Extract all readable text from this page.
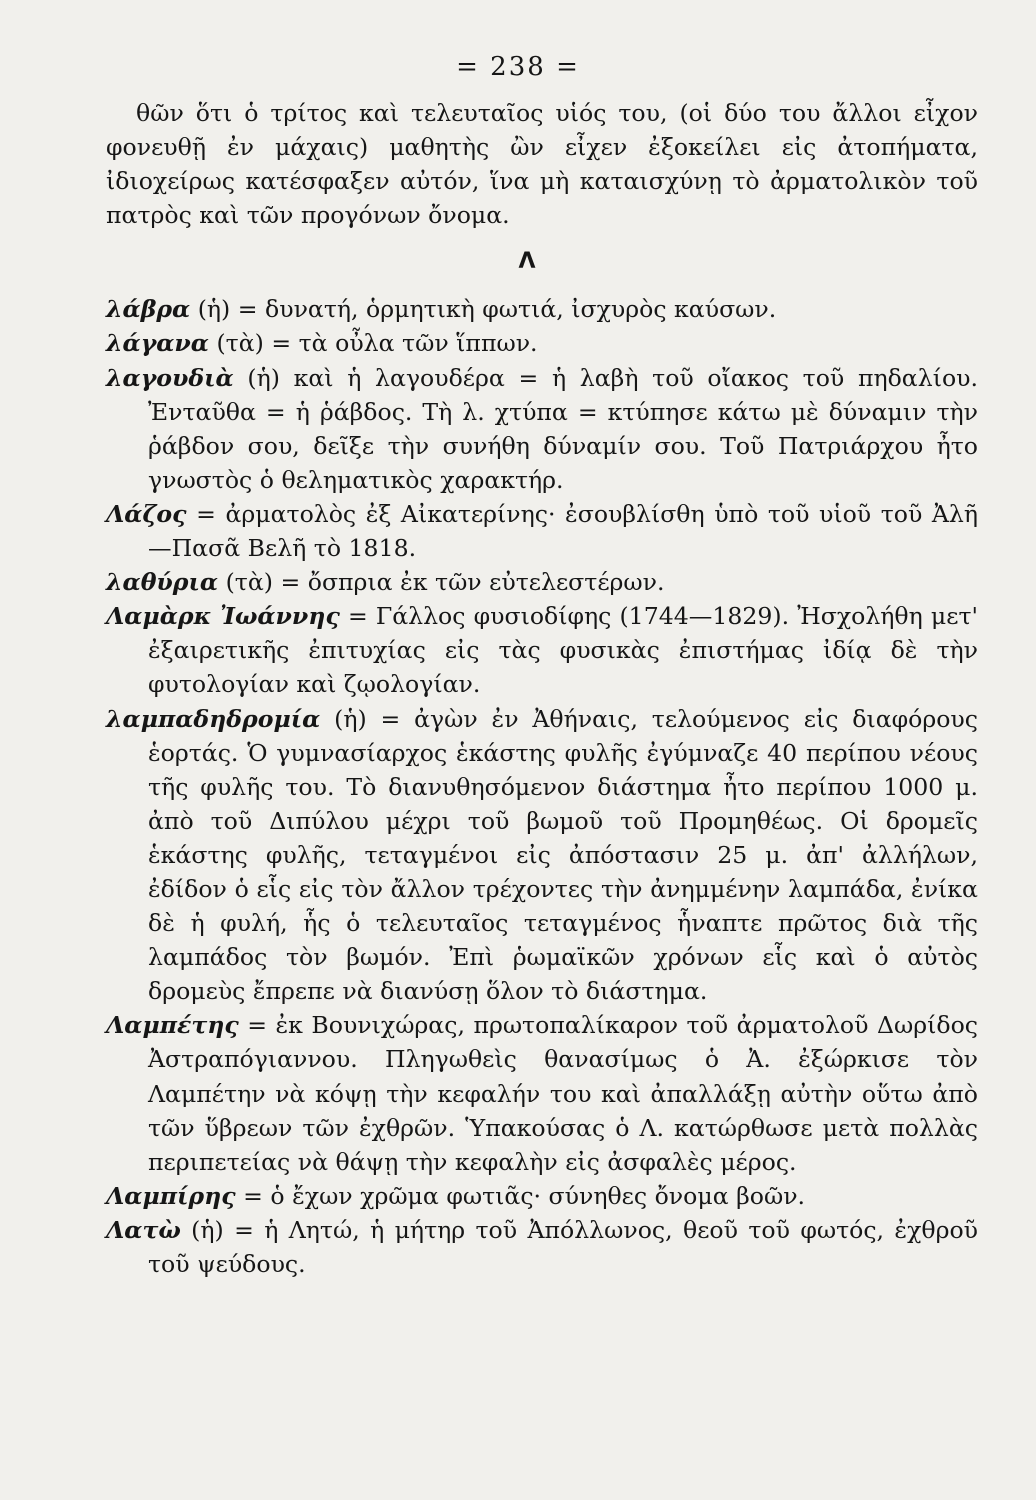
= 238 =

θῶν ὅτι ὁ τρίτος καὶ τελευταῖος υἱός του, (οἱ δύο του ἄλλοι εἶχον φονευθῇ ἐν μάχαις) μαθητὴς ὢν εἶχεν ἐξοκείλει εἰς ἀτοπήματα, ἰδιοχείρως κατέσφαξεν αὐτόν, ἵνα μὴ καταισχύνῃ τὸ ἀρματολικὸν τοῦ πατρὸς καὶ τῶν προγόνων ὄνομα.

Λ

λάβρα (ἡ) = δυνατή, ὁρμητικὴ φωτιά, ἰσχυρὸς καύσων.

λάγανα (τὰ) = τὰ οὖλα τῶν ἵππων.

λαγουδιὰ (ἡ) καὶ ἡ λαγουδέρα = ἡ λαβὴ τοῦ οἴακος τοῦ πηδαλίου. Ἐνταῦθα = ἡ ῥάβδος. Τὴ λ. χτύπα = κτύπησε κάτω μὲ δύναμιν τὴν ῥάβδον σου, δεῖξε τὴν συνήθη δύναμίν σου. Τοῦ Πατριάρχου ἦτο γνωστὸς ὁ θεληματικὸς χαρακτήρ.

Λάζος = ἀρματολὸς ἐξ Αἰκατερίνης· ἐσουβλίσθη ὑπὸ τοῦ υἱοῦ τοῦ Ἀλῆ—Πασᾶ Βελῆ τὸ 1818.

λαθύρια (τὰ) = ὄσπρια ἐκ τῶν εὐτελεστέρων.

Λαμὰρκ Ἰωάννης = Γάλλος φυσιοδίφης (1744—1829). Ἠσχολήθη μετ' ἐξαιρετικῆς ἐπιτυχίας εἰς τὰς φυσικὰς ἐπιστήμας ἰδίᾳ δὲ τὴν φυτολογίαν καὶ ζῳολογίαν.

λαμπαδηδρομία (ἡ) = ἀγὼν ἐν Ἀθήναις, τελούμενος εἰς διαφόρους ἑορτάς. Ὁ γυμνασίαρχος ἑκάστης φυλῆς ἐγύμναζε 40 περίπου νέους τῆς φυλῆς του. Τὸ διανυθησόμενον διάστημα ἦτο περίπου 1000 μ. ἀπὸ τοῦ Διπύλου μέχρι τοῦ βωμοῦ τοῦ Προμηθέως. Οἱ δρομεῖς ἑκάστης φυλῆς, τεταγμένοι εἰς ἀπόστασιν 25 μ. ἀπ' ἀλλήλων, ἐδίδον ὁ εἷς εἰς τὸν ἄλλον τρέχοντες τὴν ἀνημμένην λαμπάδα, ἐνίκα δὲ ἡ φυλή, ἧς ὁ τελευταῖος τεταγμένος ἧναπτε πρῶτος διὰ τῆς λαμπάδος τὸν βωμόν. Ἐπὶ ῥωμαϊκῶν χρόνων εἷς καὶ ὁ αὐτὸς δρομεὺς ἔπρεπε νὰ διανύσῃ ὅλον τὸ διάστημα.

Λαμπέτης = ἐκ Βουνιχώρας, πρωτοπαλίκαρον τοῦ ἀρματολοῦ Δωρίδος Ἀστραπόγιαννου. Πληγωθεὶς θανασίμως ὁ Ἀ. ἐξώρκισε τὸν Λαμπέτην νὰ κόψῃ τὴν κεφαλήν του καὶ ἀπαλλάξῃ αὐτὴν οὕτω ἀπὸ τῶν ὕβρεων τῶν ἐχθρῶν. Ὑπακούσας ὁ Λ. κατώρθωσε μετὰ πολλὰς περιπετείας νὰ θάψῃ τὴν κεφαλὴν εἰς ἀσφαλὲς μέρος.

Λαμπίρης = ὁ ἔχων χρῶμα φωτιᾶς· σύνηθες ὄνομα βοῶν.

Λατὼ (ἡ) = ἡ Λητώ, ἡ μήτηρ τοῦ Ἀπόλλωνος, θεοῦ τοῦ φωτός, ἐχθροῦ τοῦ ψεύδους.
